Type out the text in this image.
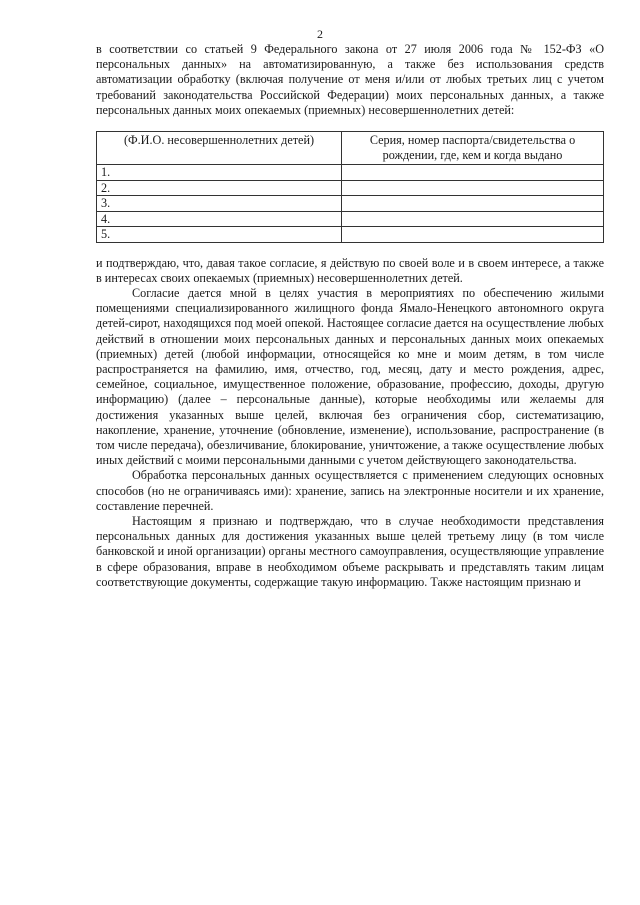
2

в соответствии со статьей 9 Федерального закона от 27 июля 2006 года № 152-ФЗ «О персональных данных» на автоматизированную, а также без использования средств автоматизации обработку (включая получение от меня и/или от любых третьих лиц с учетом требований законодательства Российской Федерации) моих персональных данных, а также персональных данных моих опекаемых (приемных) несовершеннолетних детей:

(Ф.И.О. несовершеннолетних детей)	Серия, номер паспорта/свидетельства о рождении, где, кем и когда выдано
1.	
2.	
3.	
4.	
5.	

и подтверждаю, что, давая такое согласие, я действую по своей воле и в своем интересе, а также в интересах своих опекаемых (приемных) несовершеннолетних детей.

Согласие дается мной в целях участия в мероприятиях по обеспечению жилыми помещениями специализированного жилищного фонда Ямало-Ненецкого автономного округа детей-сирот, находящихся под моей опекой. Настоящее согласие дается на осуществление любых действий в отношении моих персональных данных и персональных данных моих опекаемых (приемных) детей (любой информации, относящейся ко мне и моим детям, в том числе распространяется на фамилию, имя, отчество, год, месяц, дату и место рождения, адрес, семейное, социальное, имущественное положение, образование, профессию, доходы, другую информацию) (далее – персональные данные), которые необходимы или желаемы для достижения указанных выше целей, включая без ограничения сбор, систематизацию, накопление, хранение, уточнение (обновление, изменение), использование, распространение (в том числе передача), обезличивание, блокирование, уничтожение, а также осуществление любых иных действий с моими персональными данными с учетом действующего законодательства.

Обработка персональных данных осуществляется с применением следующих основных способов (но не ограничиваясь ими): хранение, запись на электронные носители и их хранение, составление перечней.

Настоящим я признаю и подтверждаю, что в случае необходимости представления персональных данных для достижения указанных выше целей третьему лицу (в том числе банковской и иной организации) органы местного самоуправления, осуществляющие управление в сфере образования, вправе в необходимом объеме раскрывать и представлять таким лицам соответствующие документы, содержащие такую информацию. Также настоящим признаю и
